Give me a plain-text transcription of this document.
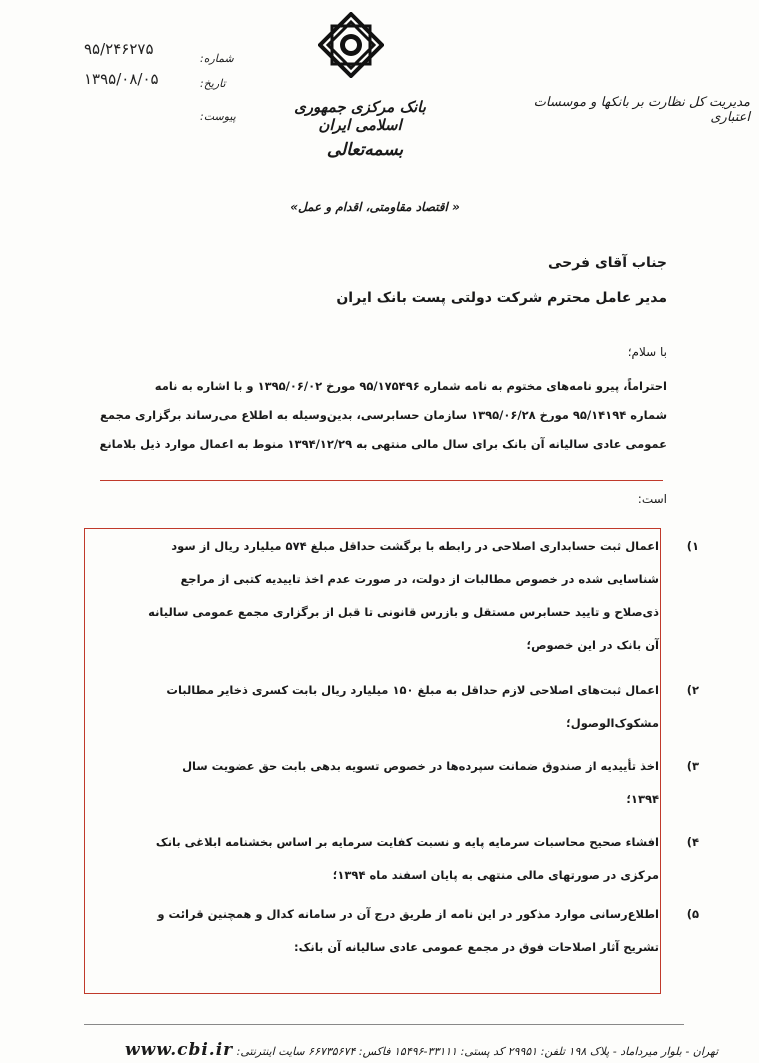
۹۵/۲۴۶۲۷۵
۱۳۹۵/۰۸/۰۵
شماره:
تاریخ:
پیوست:
بانک مرکزی جمهوری اسلامی ایران
بسمه‌تعالی
مدیریت کل نظارت بر بانکها و موسسات اعتباری
« اقتصاد مقاومتی، اقدام و عمل»
جناب آقای فرحی
مدیر عامل محترم شرکت دولتی پست بانک ایران
با سلام؛
احتراماً، پیرو نامه‌های مختوم به نامه شماره ۹۵/۱۷۵۴۹۶ مورخ ۱۳۹۵/۰۶/۰۲ و با اشاره به نامه
شماره ۹۵/۱۴۱۹۴ مورخ ۱۳۹۵/۰۶/۲۸ سازمان حسابرسی، بدین‌وسیله به اطلاع می‌رساند برگزاری مجمع
عمومی عادی سالیانه آن بانک برای سال مالی منتهی به ۱۳۹۴/۱۲/۲۹ منوط به اعمال موارد ذیل بلامانع
است:
۱)
اعمال ثبت حسابداری اصلاحی در رابطه با برگشت حداقل مبلغ ۵۷۴ میلیارد ریال از سود
شناسایی شده در خصوص مطالبات از دولت، در صورت عدم اخذ تاییدیه کتبی از مراجع
ذی‌صلاح و تایید حسابرس مستقل و بازرس قانونی تا قبل از برگزاری مجمع عمومی سالیانه
آن بانک در این خصوص؛
۲)
اعمال ثبت‌های اصلاحی لازم حداقل به مبلغ ۱۵۰ میلیارد ریال بابت کسری ذخایر مطالبات
مشکوک‌الوصول؛
۳)
اخذ تأییدیه از صندوق ضمانت سپرده‌ها در خصوص تسویه بدهی بابت حق عضویت سال
۱۳۹۴؛
۴)
افشاء صحیح محاسبات سرمایه پایه و نسبت کفایت سرمایه بر اساس بخشنامه ابلاغی بانک
مرکزی در صورتهای مالی منتهی به پایان اسفند ماه ۱۳۹۴؛
۵)
اطلاع‌رسانی موارد مذکور در این نامه از طریق درج آن در سامانه کدال و همچنین قرائت و
تشریح آثار اصلاحات فوق در مجمع عمومی عادی سالیانه آن بانک:
www.cbi.ir تهران - بلوار میرداماد - پلاک ۱۹۸ تلفن: ۲۹۹۵۱ کد پستی: ۳۳۱۱۱-۱۵۴۹۶ فاکس: ۶۶۷۳۵۶۷۴ سایت اینترنتی:
